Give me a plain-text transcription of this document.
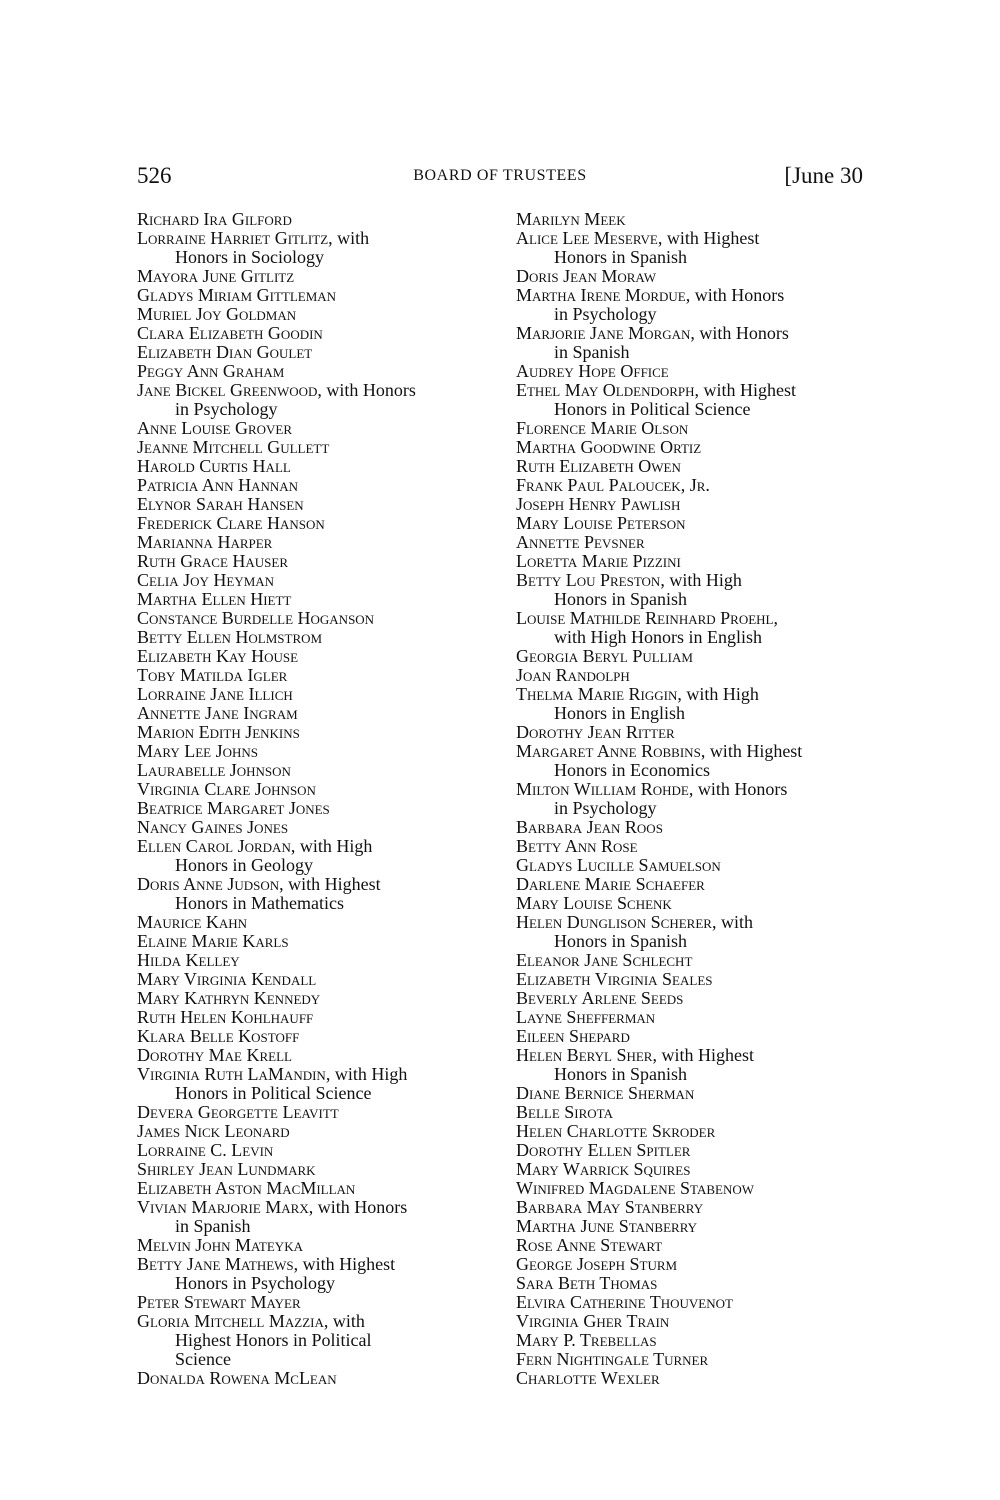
526	BOARD OF TRUSTEES	[June 30
Richard Ira Gilford
Lorraine Harriet Gitlitz, with
Honors in Sociology
Mayora June Gitlitz
Gladys Miriam Gittleman
Muriel Joy Goldman
Clara Elizabeth Goodin
Elizabeth Dian Goulet
Peggy Ann Graham
Jane Bickel Greenwood, with Honors
in Psychology
Anne Louise Grover
Jeanne Mitchell Gullett
Harold Curtis Hall
Patricia Ann Hannan
Elynor Sarah Hansen
Frederick Clare Hanson
Marianna Harper
Ruth Grace Hauser
Celia Joy Heyman
Martha Ellen Hiett
Constance Burdelle Hoganson
Betty Ellen Holmstrom
Elizabeth Kay House
Toby Matilda Igler
Lorraine Jane Illich
Annette Jane Ingram
Marion Edith Jenkins
Mary Lee Johns
Laurabelle Johnson
Virginia Clare Johnson
Beatrice Margaret Jones
Nancy Gaines Jones
Ellen Carol Jordan, with High
Honors in Geology
Doris Anne Judson, with Highest
Honors in Mathematics
Maurice Kahn
Elaine Marie Karls
Hilda Kelley
Mary Virginia Kendall
Mary Kathryn Kennedy
Ruth Helen Kohlhauff
Klara Belle Kostoff
Dorothy Mae Krell
Virginia Ruth LaMandin, with High
Honors in Political Science
Devera Georgette Leavitt
James Nick Leonard
Lorraine C. Levin
Shirley Jean Lundmark
Elizabeth Aston MacMillan
Vivian Marjorie Marx, with Honors
in Spanish
Melvin John Mateyka
Betty Jane Mathews, with Highest
Honors in Psychology
Peter Stewart Mayer
Gloria Mitchell Mazzia, with
Highest Honors in Political
Science
Donalda Rowena McLean
Marilyn Meek
Alice Lee Meserve, with Highest
Honors in Spanish
Doris Jean Moraw
Martha Irene Mordue, with Honors
in Psychology
Marjorie Jane Morgan, with Honors
in Spanish
Audrey Hope Office
Ethel May Oldendorph, with Highest
Honors in Political Science
Florence Marie Olson
Martha Goodwine Ortiz
Ruth Elizabeth Owen
Frank Paul Paloucek, Jr.
Joseph Henry Pawlish
Mary Louise Peterson
Annette Pevsner
Loretta Marie Pizzini
Betty Lou Preston, with High
Honors in Spanish
Louise Mathilde Reinhard Proehl,
with High Honors in English
Georgia Beryl Pulliam
Joan Randolph
Thelma Marie Riggin, with High
Honors in English
Dorothy Jean Ritter
Margaret Anne Robbins, with Highest
Honors in Economics
Milton William Rohde, with Honors
in Psychology
Barbara Jean Roos
Betty Ann Rose
Gladys Lucille Samuelson
Darlene Marie Schaefer
Mary Louise Schenk
Helen Dunglison Scherer, with
Honors in Spanish
Eleanor Jane Schlecht
Elizabeth Virginia Seales
Beverly Arlene Seeds
Layne Shefferman
Eileen Shepard
Helen Beryl Sher, with Highest
Honors in Spanish
Diane Bernice Sherman
Belle Sirota
Helen Charlotte Skroder
Dorothy Ellen Spitler
Mary Warrick Squires
Winifred Magdalene Stabenow
Barbara May Stanberry
Martha June Stanberry
Rose Anne Stewart
George Joseph Sturm
Sara Beth Thomas
Elvira Catherine Thouvenot
Virginia Gher Train
Mary P. Trebellas
Fern Nightingale Turner
Charlotte Wexler
